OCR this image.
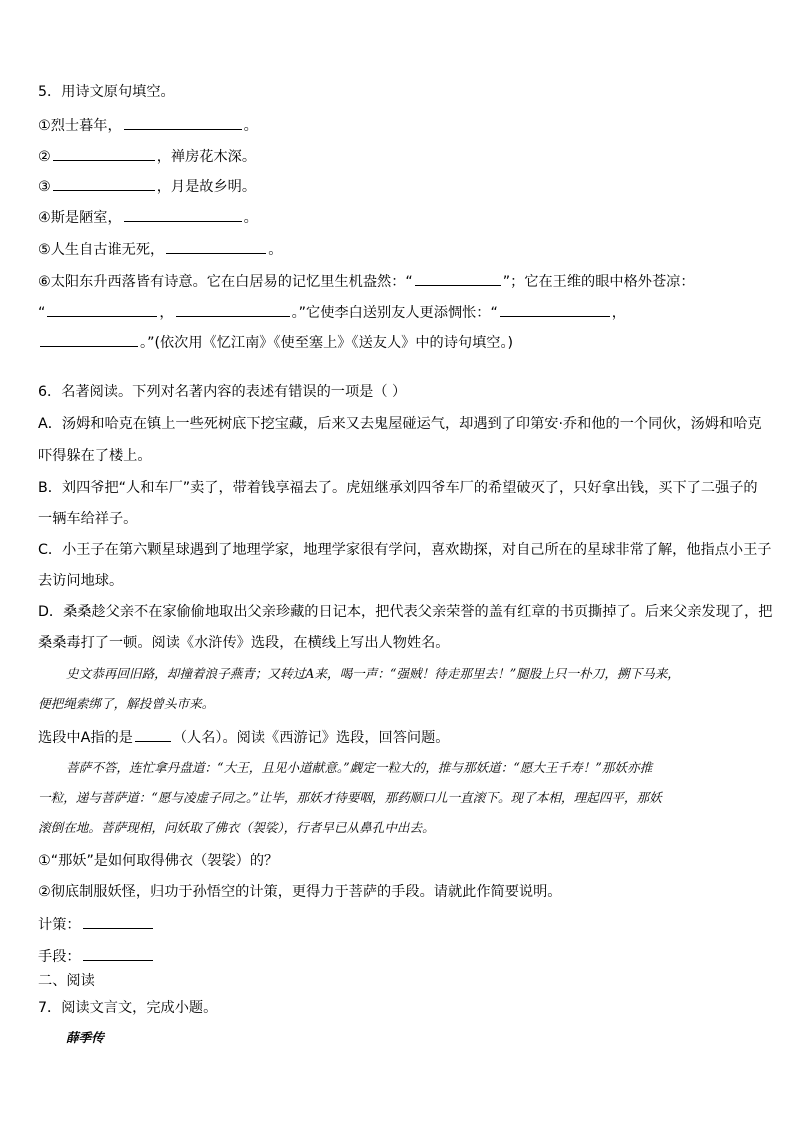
5．用诗文原句填空。
①烈士暮年，	。
②	，禅房花木深。
③	，月是故乡明。
④斯是陋室，	。
⑤人生自古谁无死，	。
⑥太阳东升西落皆有诗意。它在白居易的记忆里生机盎然：“	”；它在王维的眼中格外苍凉：
“	，	。”它使李白送别友人更添惆怅：“	，
。”(依次用《忆江南》《使至塞上》《送友人》中的诗句填空。)
6．名著阅读。下列对名著内容的表述有错误的一项是（ ）
A．汤姆和哈克在镇上一些死树底下挖宝藏，后来又去鬼屋碰运气，却遇到了印第安·乔和他的一个同伙，汤姆和哈克
吓得躲在了楼上。
B．刘四爷把“人和车厂”卖了，带着钱享福去了。虎妞继承刘四爷车厂的希望破灭了，只好拿出钱，买下了二强子的
一辆车给祥子。
C．小王子在第六颗星球遇到了地理学家，地理学家很有学问，喜欢勘探，对自己所在的星球非常了解，他指点小王子
去访问地球。
D．桑桑趁父亲不在家偷偷地取出父亲珍藏的日记本，把代表父亲荣誉的盖有红章的书页撕掉了。后来父亲发现了，把
桑桑毒打了一顿。阅读《水浒传》选段，在横线上写出人物姓名。
史文恭再回旧路，却撞着浪子燕青；又转过A来，喝一声：“强贼！待走那里去！”腿股上只一朴刀，搠下马来，
便把绳索绑了，解投曾头市来。
选段中A指的是	（人名）。阅读《西游记》选段，回答问题。
菩萨不答，连忙拿丹盘道：“大王，且见小道献意。”觑定一粒大的，推与那妖道：“愿大王千寿！”那妖亦推
一粒，递与菩萨道：“愿与凌虚子同之。”让毕，那妖才待要咽，那药顺口儿一直滚下。现了本相，理起四平，那妖
滚倒在地。菩萨现相，问妖取了佛衣（袈裟），行者早已从鼻孔中出去。
①“那妖”是如何取得佛衣（袈裟）的？
②彻底制服妖怪，归功于孙悟空的计策，更得力于菩萨的手段。请就此作简要说明。
计策：
手段：
二、阅读
7．阅读文言文，完成小题。
薛季传
